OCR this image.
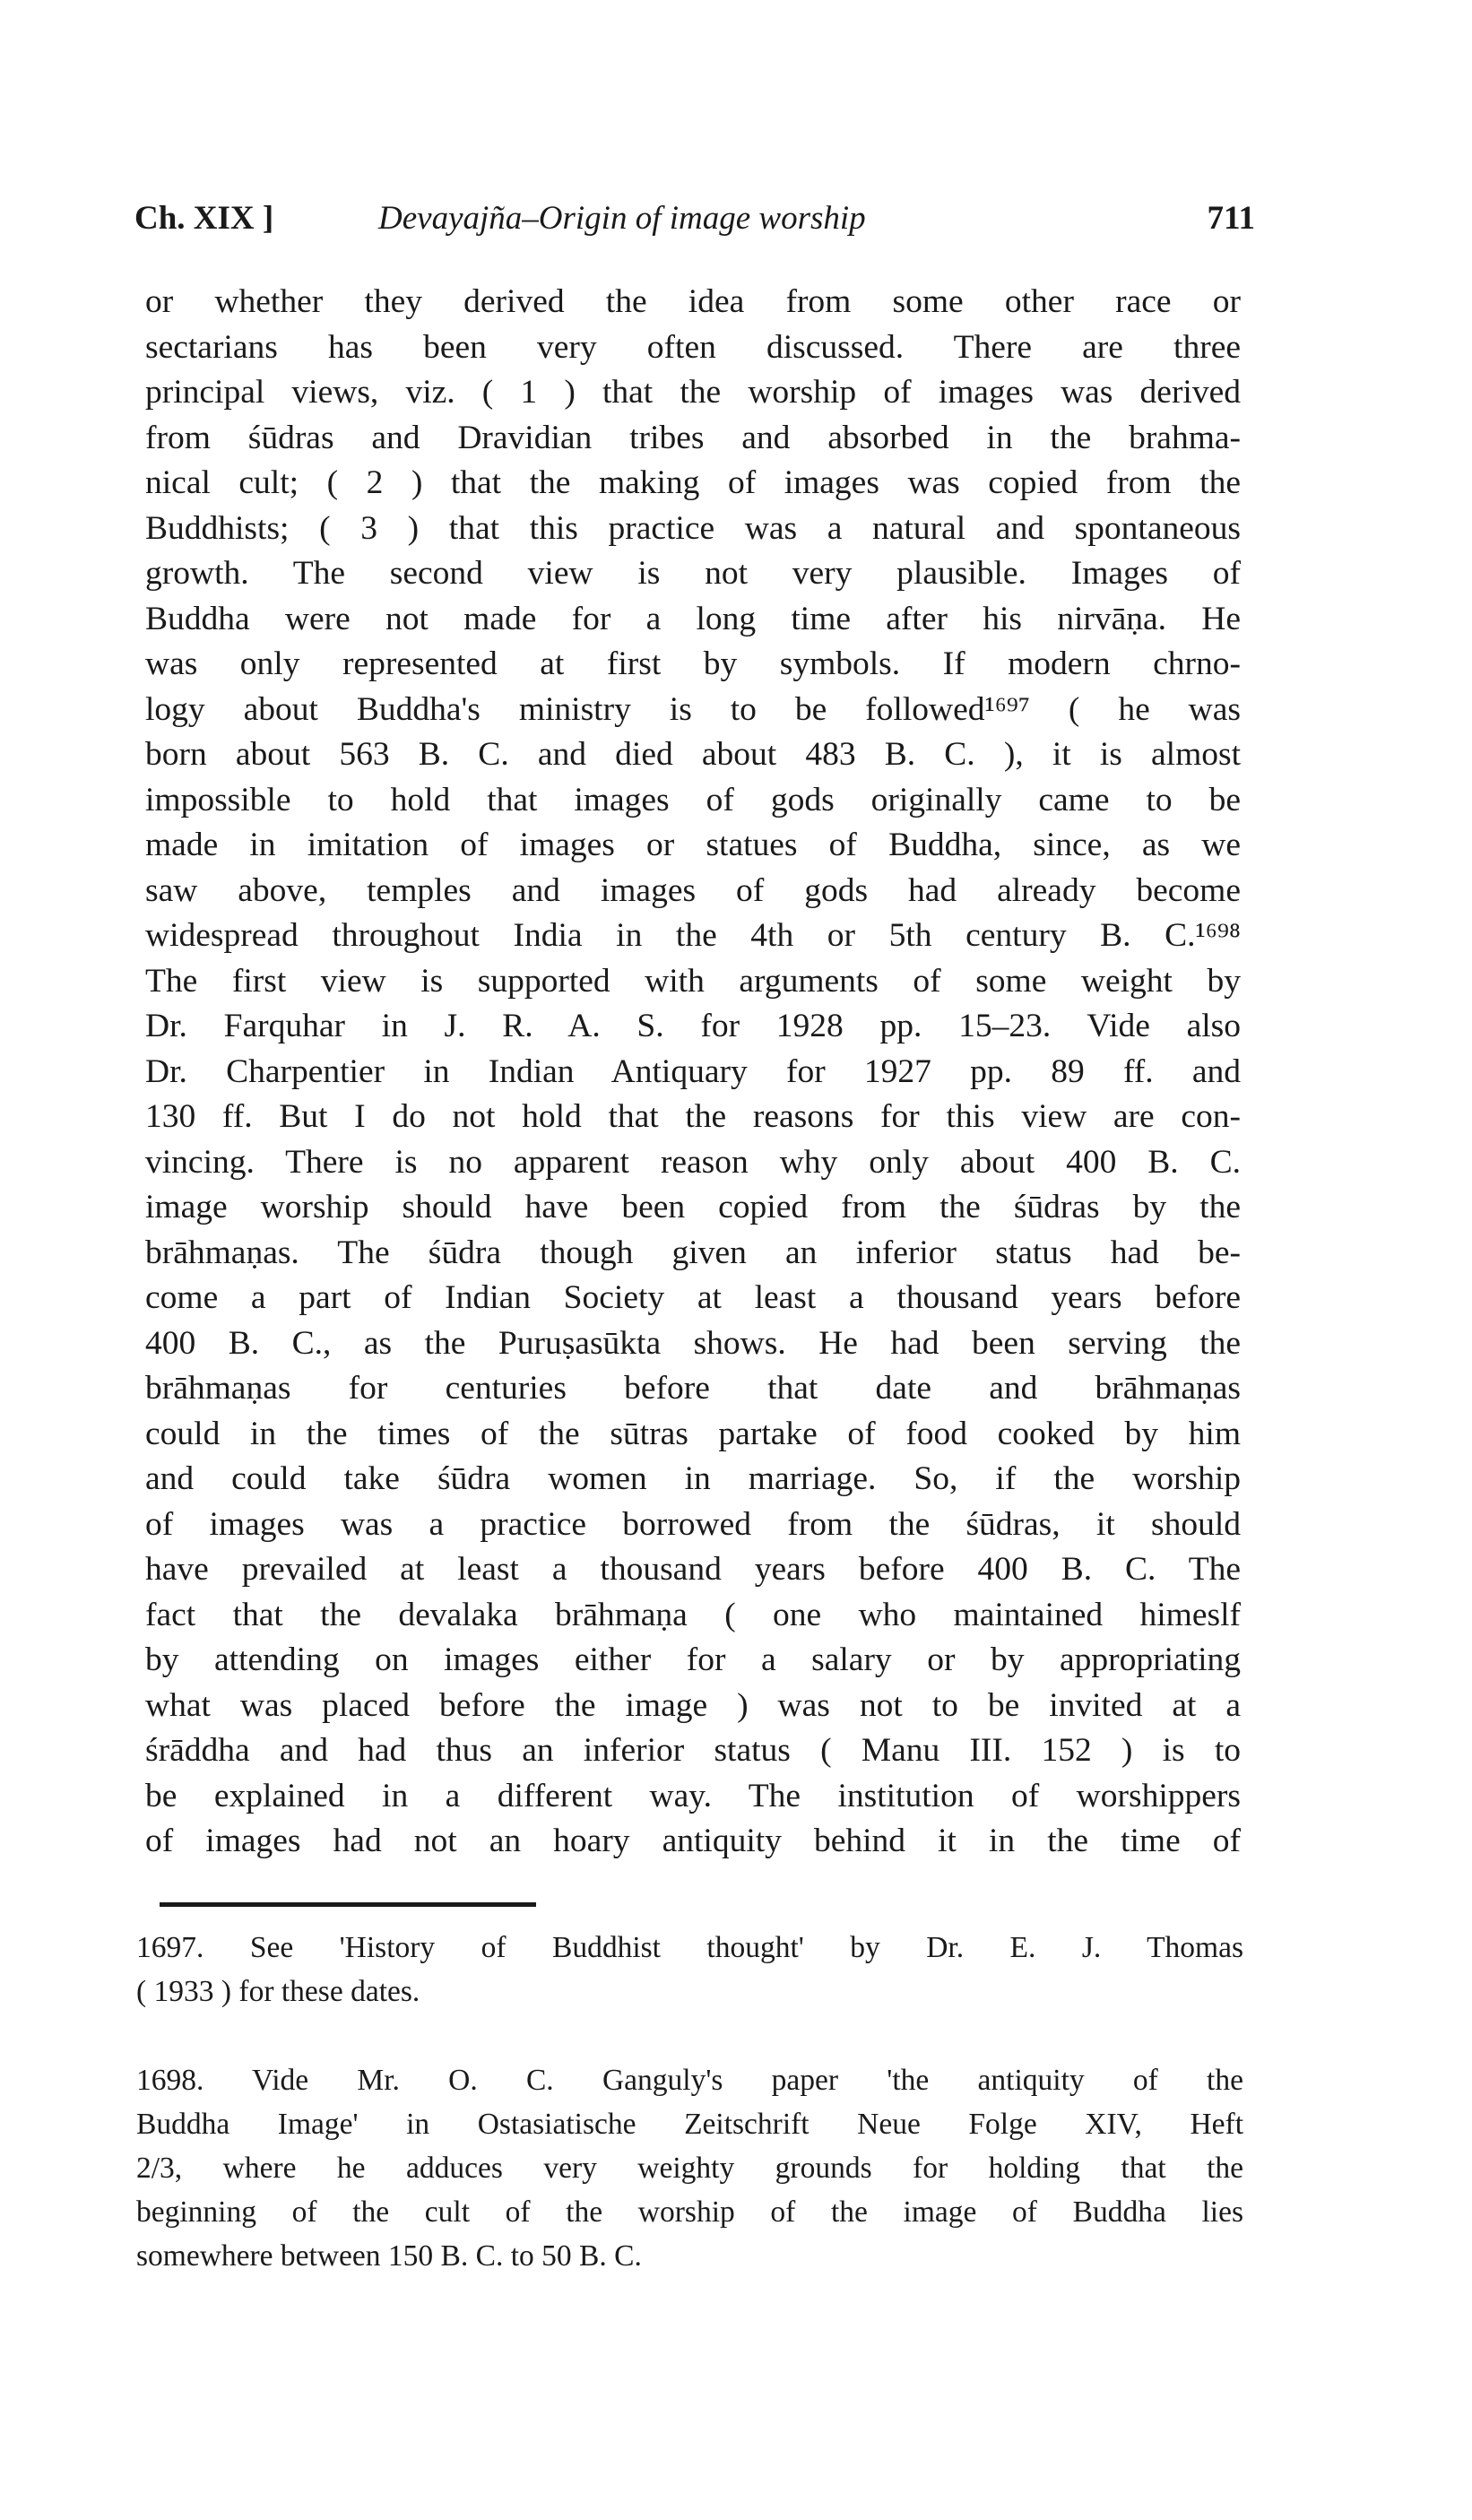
Ch. XIX ]	Devayajña–Origin of image worship	711
or whether they derived the idea from some other race or
sectarians has been very often discussed. There are three
principal views, viz. ( 1 ) that the worship of images was derived
from śūdras and Dravidian tribes and absorbed in the brahma-
nical cult; ( 2 ) that the making of images was copied from the
Buddhists; ( 3 ) that this practice was a natural and spontaneous
growth. The second view is not very plausible. Images of
Buddha were not made for a long time after his nirvāṇa. He
was only represented at first by symbols. If modern chrno-
logy about Buddha's ministry is to be followed¹⁶⁹⁷ ( he was
born about 563 B. C. and died about 483 B. C. ), it is almost
impossible to hold that images of gods originally came to be
made in imitation of images or statues of Buddha, since, as we
saw above, temples and images of gods had already become
widespread throughout India in the 4th or 5th century B. C.¹⁶⁹⁸
The first view is supported with arguments of some weight by
Dr. Farquhar in J. R. A. S. for 1928 pp. 15–23. Vide also
Dr. Charpentier in Indian Antiquary for 1927 pp. 89 ff. and
130 ff. But I do not hold that the reasons for this view are con-
vincing. There is no apparent reason why only about 400 B. C.
image worship should have been copied from the śūdras by the
brāhmaṇas. The śūdra though given an inferior status had be-
come a part of Indian Society at least a thousand years before
400 B. C., as the Puruṣasūkta shows. He had been serving the
brāhmaṇas for centuries before that date and brāhmaṇas
could in the times of the sūtras partake of food cooked by him
and could take śūdra women in marriage. So, if the worship
of images was a practice borrowed from the śūdras, it should
have prevailed at least a thousand years before 400 B. C. The
fact that the devalaka brāhmaṇa ( one who maintained himeslf
by attending on images either for a salary or by appropriating
what was placed before the image ) was not to be invited at a
śrāddha and had thus an inferior status ( Manu III. 152 ) is to
be explained in a different way. The institution of worshippers
of images had not an hoary antiquity behind it in the time of
1697. See 'History of Buddhist thought' by Dr. E. J. Thomas
( 1933 ) for these dates.
1698. Vide Mr. O. C. Ganguly's paper 'the antiquity of the
Buddha Image' in Ostasiatische Zeitschrift Neue Folge XIV, Heft
2/3, where he adduces very weighty grounds for holding that the
beginning of the cult of the worship of the image of Buddha lies
somewhere between 150 B. C. to 50 B. C.
